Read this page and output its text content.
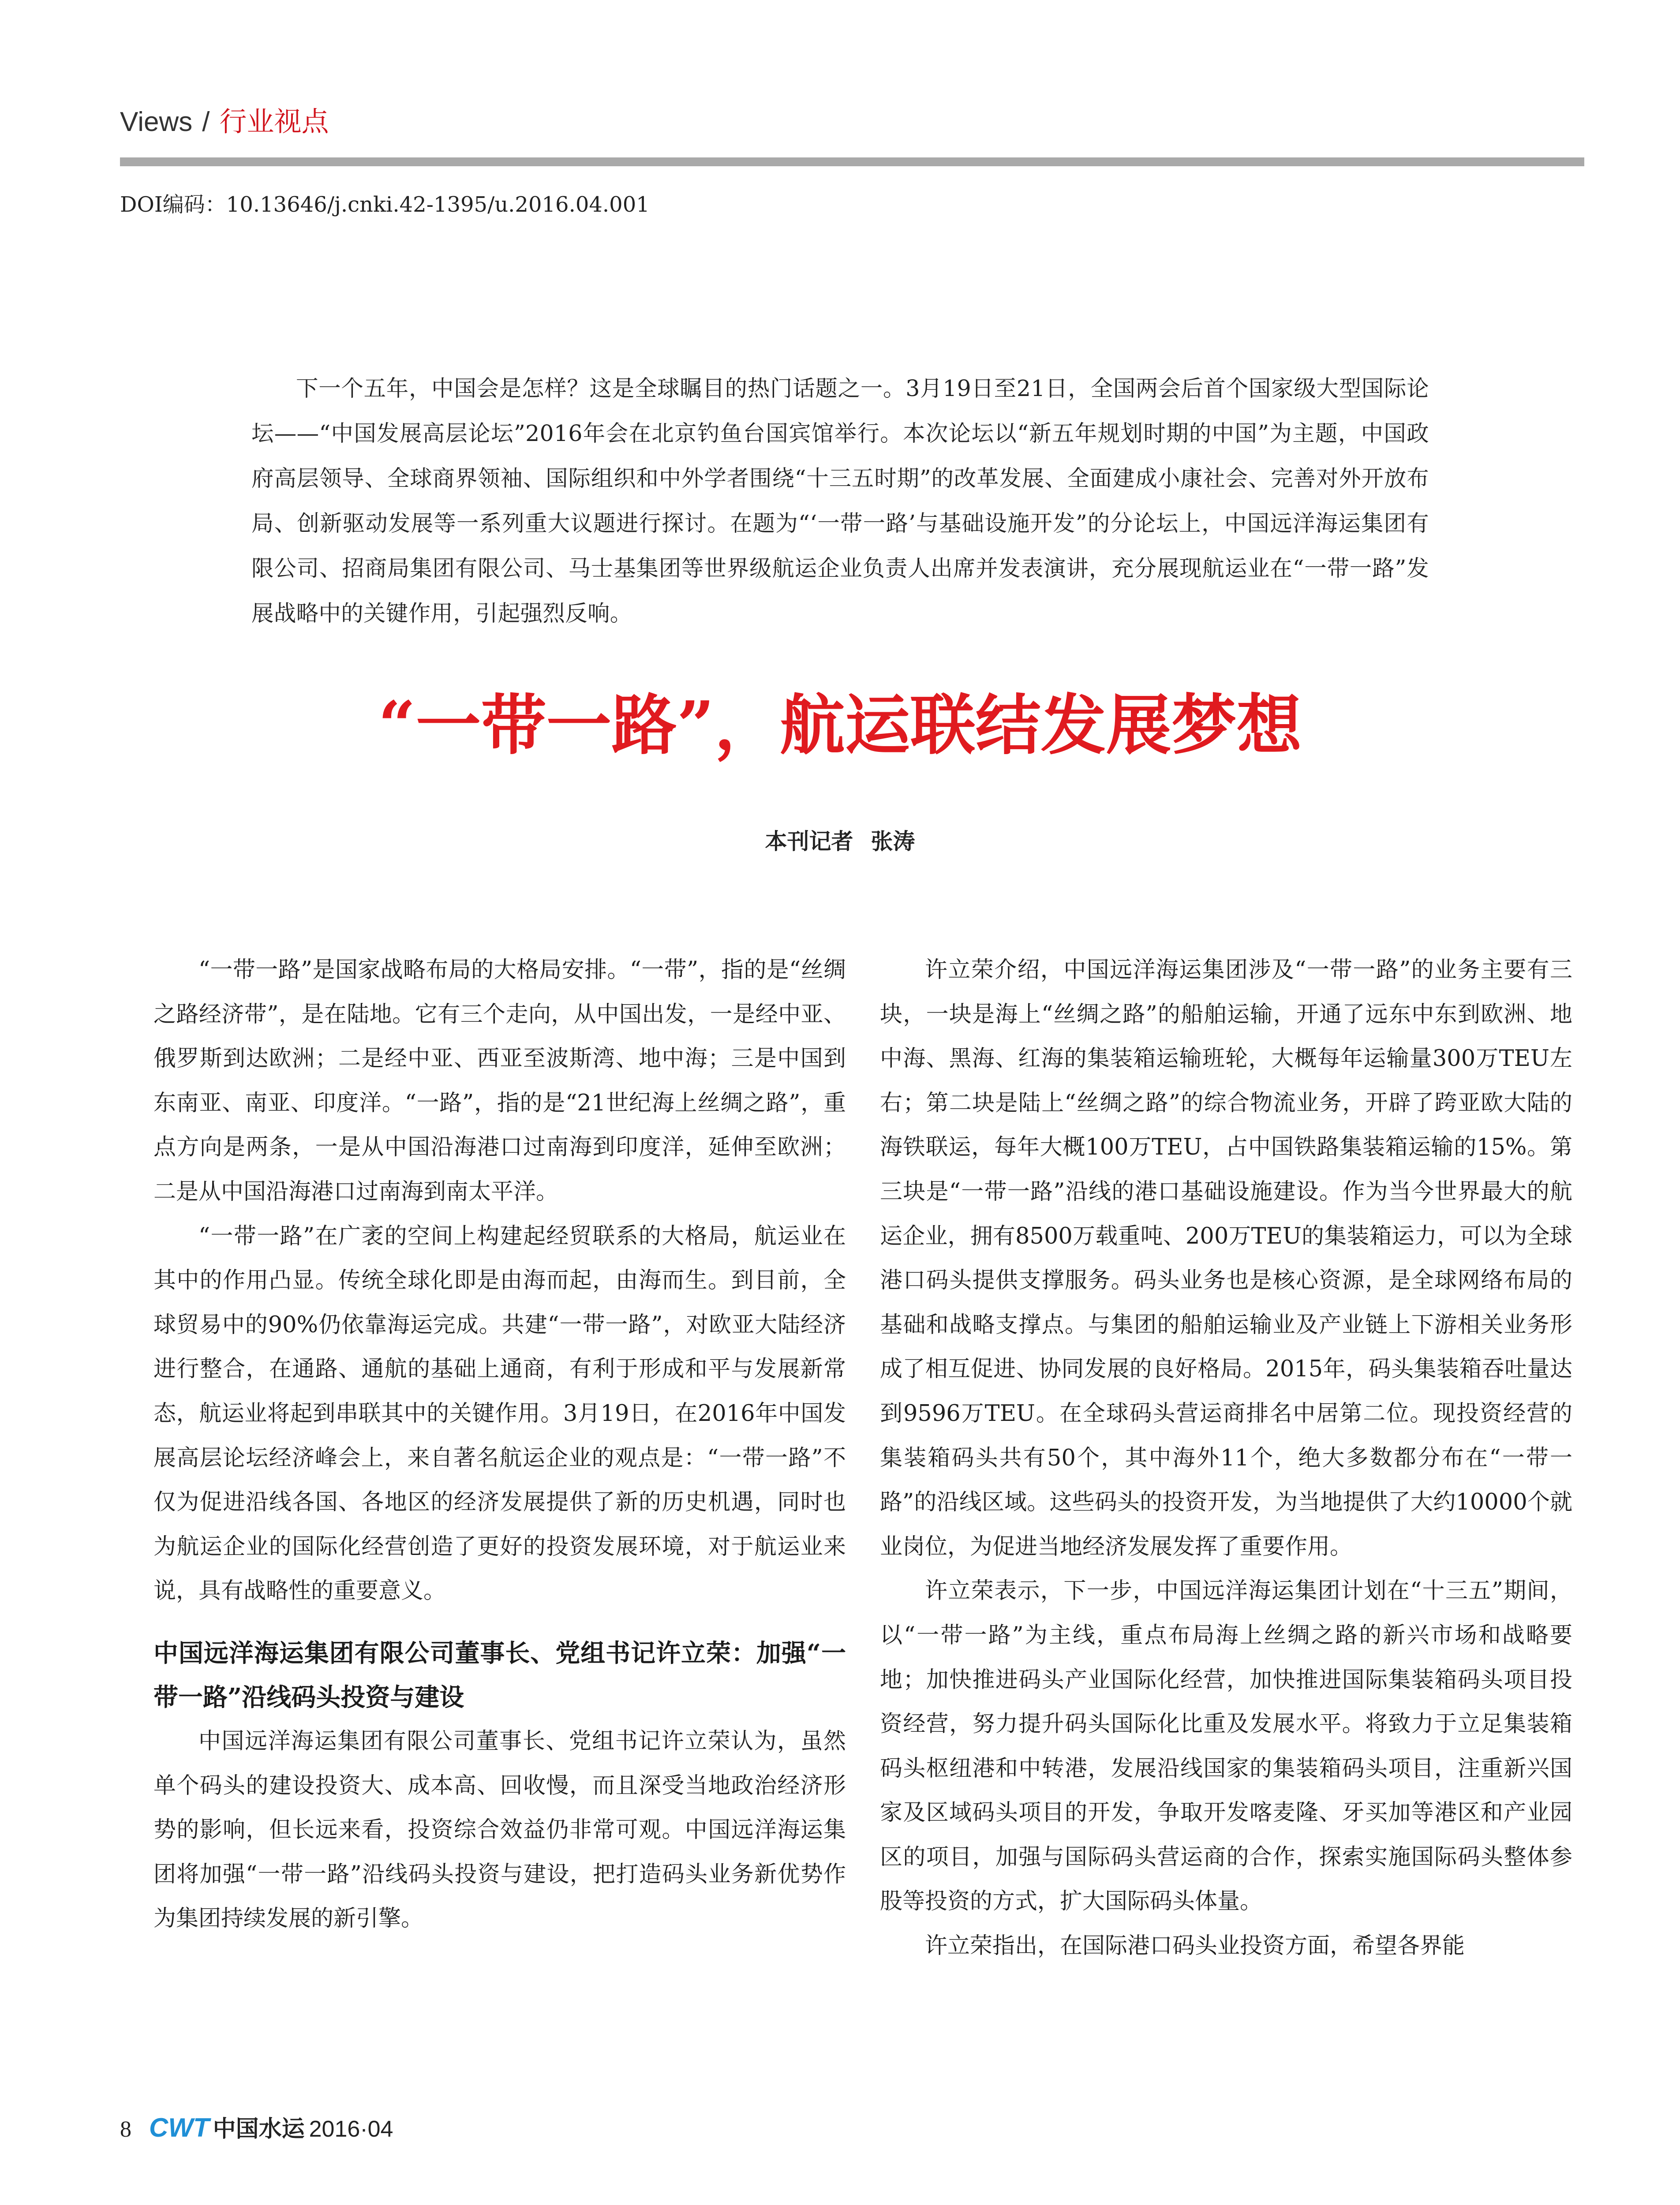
Views / 行业视点
DOI编码：10.13646/j.cnki.42-1395/u.2016.04.001
下一个五年，中国会是怎样？这是全球瞩目的热门话题之一。3月19日至21日，全国两会后首个国家级大型国际论坛——“中国发展高层论坛”2016年会在北京钓鱼台国宾馆举行。本次论坛以“新五年规划时期的中国”为主题，中国政府高层领导、全球商界领袖、国际组织和中外学者围绕“十三五时期”的改革发展、全面建成小康社会、完善对外开放布局、创新驱动发展等一系列重大议题进行探讨。在题为“‘一带一路’与基础设施开发”的分论坛上，中国远洋海运集团有限公司、招商局集团有限公司、马士基集团等世界级航运企业负责人出席并发表演讲，充分展现航运业在“一带一路”发展战略中的关键作用，引起强烈反响。
“一带一路”，航运联结发展梦想
本刊记者 张涛

“一带一路”是国家战略布局的大格局安排。“一带”，指的是“丝绸之路经济带”，是在陆地。它有三个走向，从中国出发，一是经中亚、俄罗斯到达欧洲；二是经中亚、西亚至波斯湾、地中海；三是中国到东南亚、南亚、印度洋。“一路”，指的是“21世纪海上丝绸之路”，重点方向是两条，一是从中国沿海港口过南海到印度洋，延伸至欧洲；二是从中国沿海港口过南海到南太平洋。

“一带一路”在广袤的空间上构建起经贸联系的大格局，航运业在其中的作用凸显。传统全球化即是由海而起，由海而生。到目前，全球贸易中的90%仍依靠海运完成。共建“一带一路”，对欧亚大陆经济进行整合，在通路、通航的基础上通商，有利于形成和平与发展新常态，航运业将起到串联其中的关键作用。3月19日，在2016年中国发展高层论坛经济峰会上，来自著名航运企业的观点是：“一带一路”不仅为促进沿线各国、各地区的经济发展提供了新的历史机遇，同时也为航运企业的国际化经营创造了更好的投资发展环境，对于航运业来说，具有战略性的重要意义。

中国远洋海运集团有限公司董事长、党组书记许立荣：加强“一带一路”沿线码头投资与建设

中国远洋海运集团有限公司董事长、党组书记许立荣认为，虽然单个码头的建设投资大、成本高、回收慢，而且深受当地政治经济形势的影响，但长远来看，投资综合效益仍非常可观。中国远洋海运集团将加强“一带一路”沿线码头投资与建设，把打造码头业务新优势作为集团持续发展的新引擎。

许立荣介绍，中国远洋海运集团涉及“一带一路”的业务主要有三块，一块是海上“丝绸之路”的船舶运输，开通了远东中东到欧洲、地中海、黑海、红海的集装箱运输班轮，大概每年运输量300万TEU左右；第二块是陆上“丝绸之路”的综合物流业务，开辟了跨亚欧大陆的海铁联运，每年大概100万TEU，占中国铁路集装箱运输的15%。第三块是“一带一路”沿线的港口基础设施建设。作为当今世界最大的航运企业，拥有8500万载重吨、200万TEU的集装箱运力，可以为全球港口码头提供支撑服务。码头业务也是核心资源，是全球网络布局的基础和战略支撑点。与集团的船舶运输业及产业链上下游相关业务形成了相互促进、协同发展的良好格局。2015年，码头集装箱吞吐量达到9596万TEU。在全球码头营运商排名中居第二位。现投资经营的集装箱码头共有50个，其中海外11个，绝大多数都分布在“一带一路”的沿线区域。这些码头的投资开发，为当地提供了大约10000个就业岗位，为促进当地经济发展发挥了重要作用。

许立荣表示，下一步，中国远洋海运集团计划在“十三五”期间，以“一带一路”为主线，重点布局海上丝绸之路的新兴市场和战略要地；加快推进码头产业国际化经营，加快推进国际集装箱码头项目投资经营，努力提升码头国际化比重及发展水平。将致力于立足集装箱码头枢纽港和中转港，发展沿线国家的集装箱码头项目，注重新兴国家及区域码头项目的开发，争取开发喀麦隆、牙买加等港区和产业园区的项目，加强与国际码头营运商的合作，探索实施国际码头整体参股等投资的方式，扩大国际码头体量。

许立荣指出，在国际港口码头业投资方面，希望各界能

8 CWT 中国水运 2016·04
